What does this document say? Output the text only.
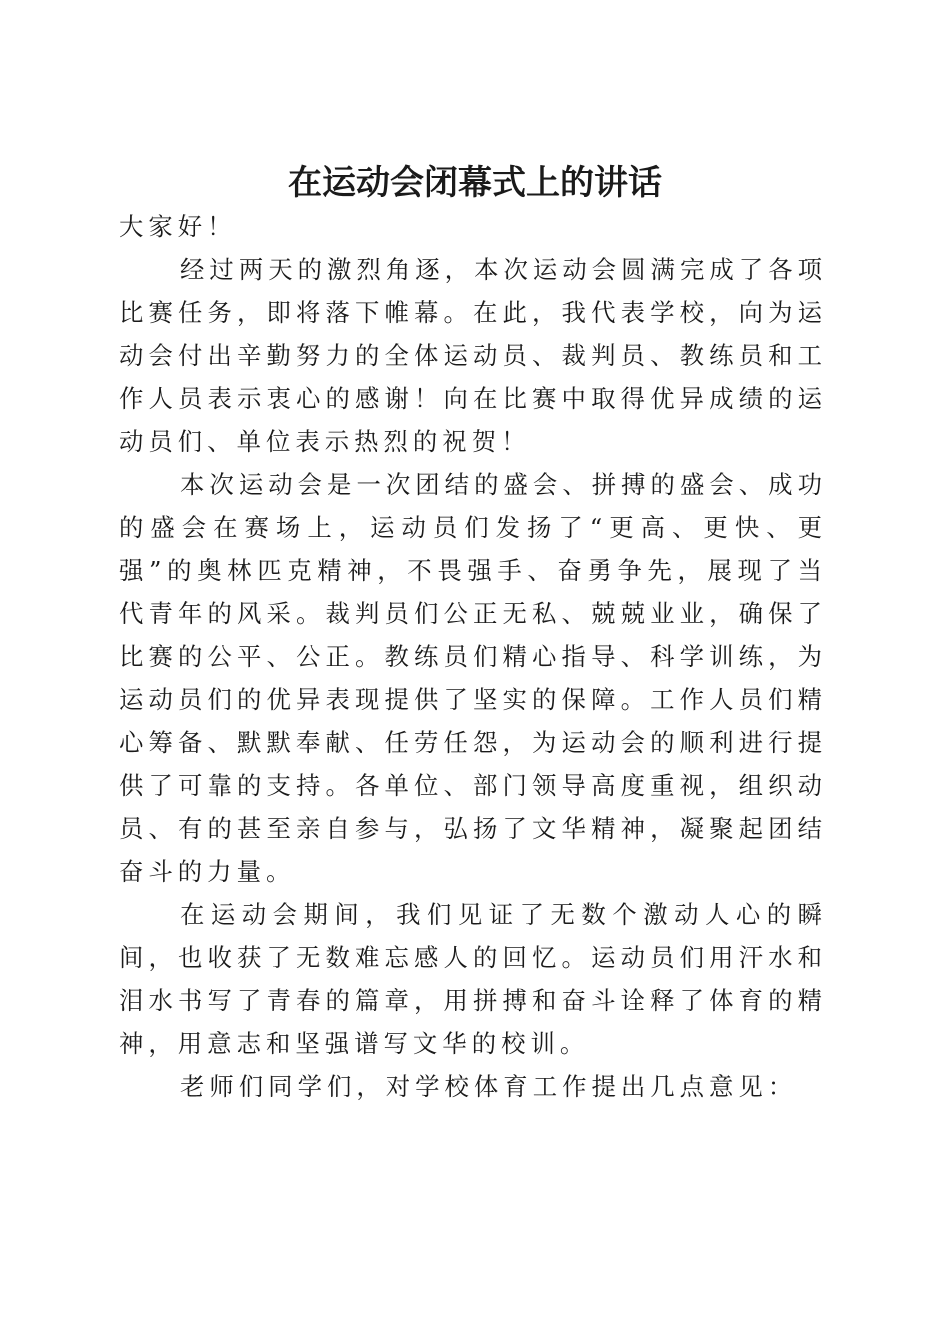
在运动会闭幕式上的讲话

大家好！

经过两天的激烈角逐，本次运动会圆满完成了各项比赛任务，即将落下帷幕。在此，我代表学校，向为运动会付出辛勤努力的全体运动员、裁判员、教练员和工作人员表示衷心的感谢！向在比赛中取得优异成绩的运动员们、单位表示热烈的祝贺！

本次运动会是一次团结的盛会、拼搏的盛会、成功的盛会在赛场上，运动员们发扬了“更高、更快、更强”的奥林匹克精神，不畏强手、奋勇争先，展现了当代青年的风采。裁判员们公正无私、兢兢业业，确保了比赛的公平、公正。教练员们精心指导、科学训练，为运动员们的优异表现提供了坚实的保障。工作人员们精心筹备、默默奉献、任劳任怨，为运动会的顺利进行提供了可靠的支持。各单位、部门领导高度重视，组织动员、有的甚至亲自参与，弘扬了文华精神，凝聚起团结奋斗的力量。

在运动会期间，我们见证了无数个激动人心的瞬间，也收获了无数难忘感人的回忆。运动员们用汗水和泪水书写了青春的篇章，用拼搏和奋斗诠释了体育的精神，用意志和坚强谱写文华的校训。

老师们同学们，对学校体育工作提出几点意见：
